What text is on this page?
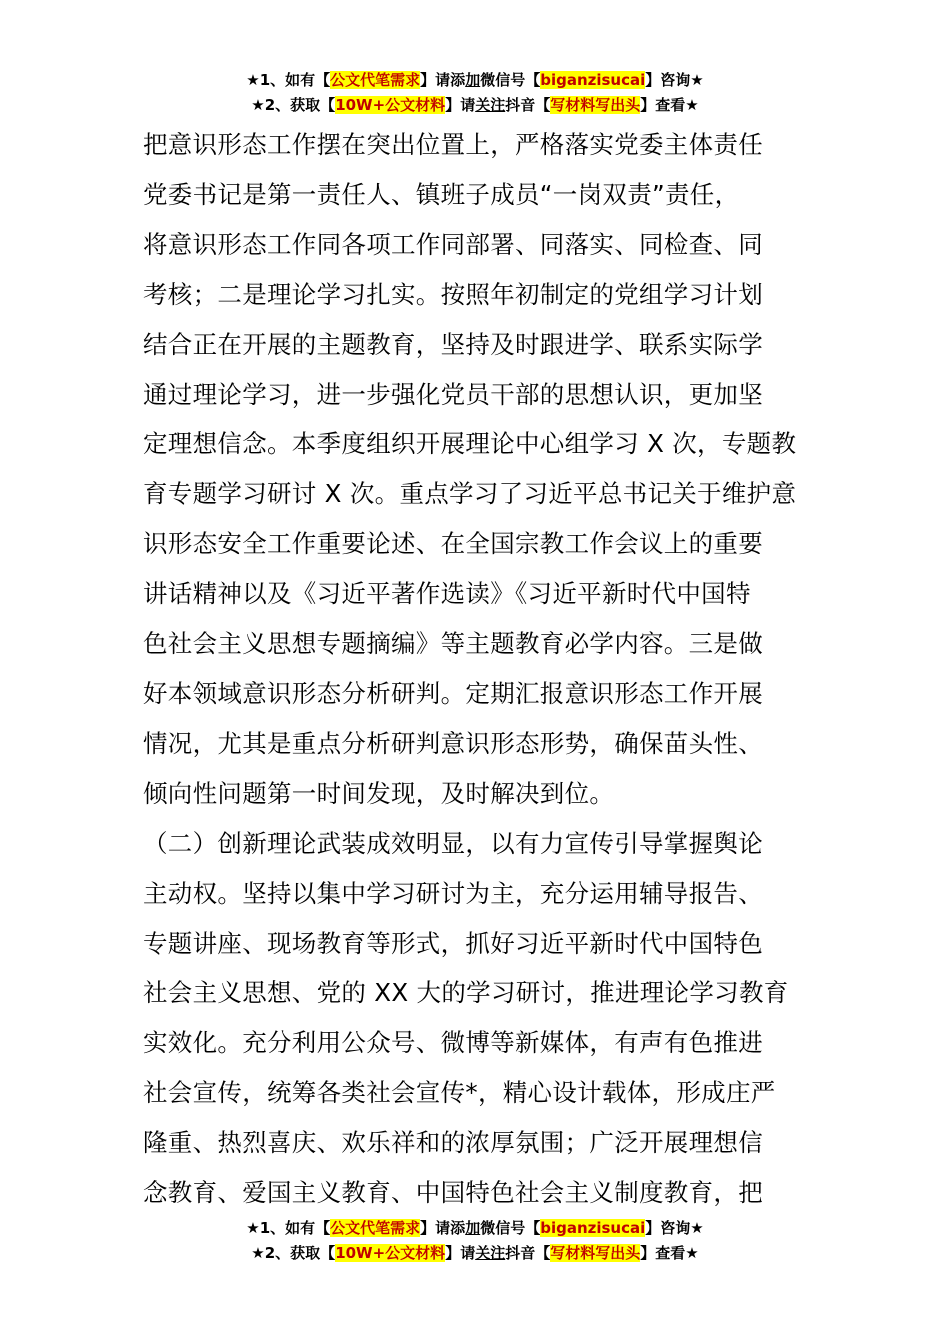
★1、如有【公文代笔需求】请添加微信号【biganzisucai】咨询★
★2、获取【10W+公文材料】请关注抖音【写材料写出头】查看★

把意识形态工作摆在突出位置上，严格落实党委主体责任

党委书记是第一责任人、镇班子成员“一岗双责”责任，

将意识形态工作同各项工作同部署、同落实、同检查、同

考核；二是理论学习扎实。按照年初制定的党组学习计划

结合正在开展的主题教育，坚持及时跟进学、联系实际学

通过理论学习，进一步强化党员干部的思想认识，更加坚

定理想信念。本季度组织开展理论中心组学习 X 次，专题教

育专题学习研讨 X 次。重点学习了习近平总书记关于维护意

识形态安全工作重要论述、在全国宗教工作会议上的重要

讲话精神以及《习近平著作选读》《习近平新时代中国特

色社会主义思想专题摘编》等主题教育必学内容。三是做

好本领域意识形态分析研判。定期汇报意识形态工作开展

情况，尤其是重点分析研判意识形态形势，确保苗头性、

倾向性问题第一时间发现，及时解决到位。

（二）创新理论武装成效明显，以有力宣传引导掌握舆论

主动权。坚持以集中学习研讨为主，充分运用辅导报告、

专题讲座、现场教育等形式，抓好习近平新时代中国特色

社会主义思想、党的 XX 大的学习研讨，推进理论学习教育

实效化。充分利用公众号、微博等新媒体，有声有色推进

社会宣传，统筹各类社会宣传*，精心设计载体，形成庄严

隆重、热烈喜庆、欢乐祥和的浓厚氛围；广泛开展理想信

念教育、爱国主义教育、中国特色社会主义制度教育，把

★1、如有【公文代笔需求】请添加微信号【biganzisucai】咨询★
★2、获取【10W+公文材料】请关注抖音【写材料写出头】查看★
